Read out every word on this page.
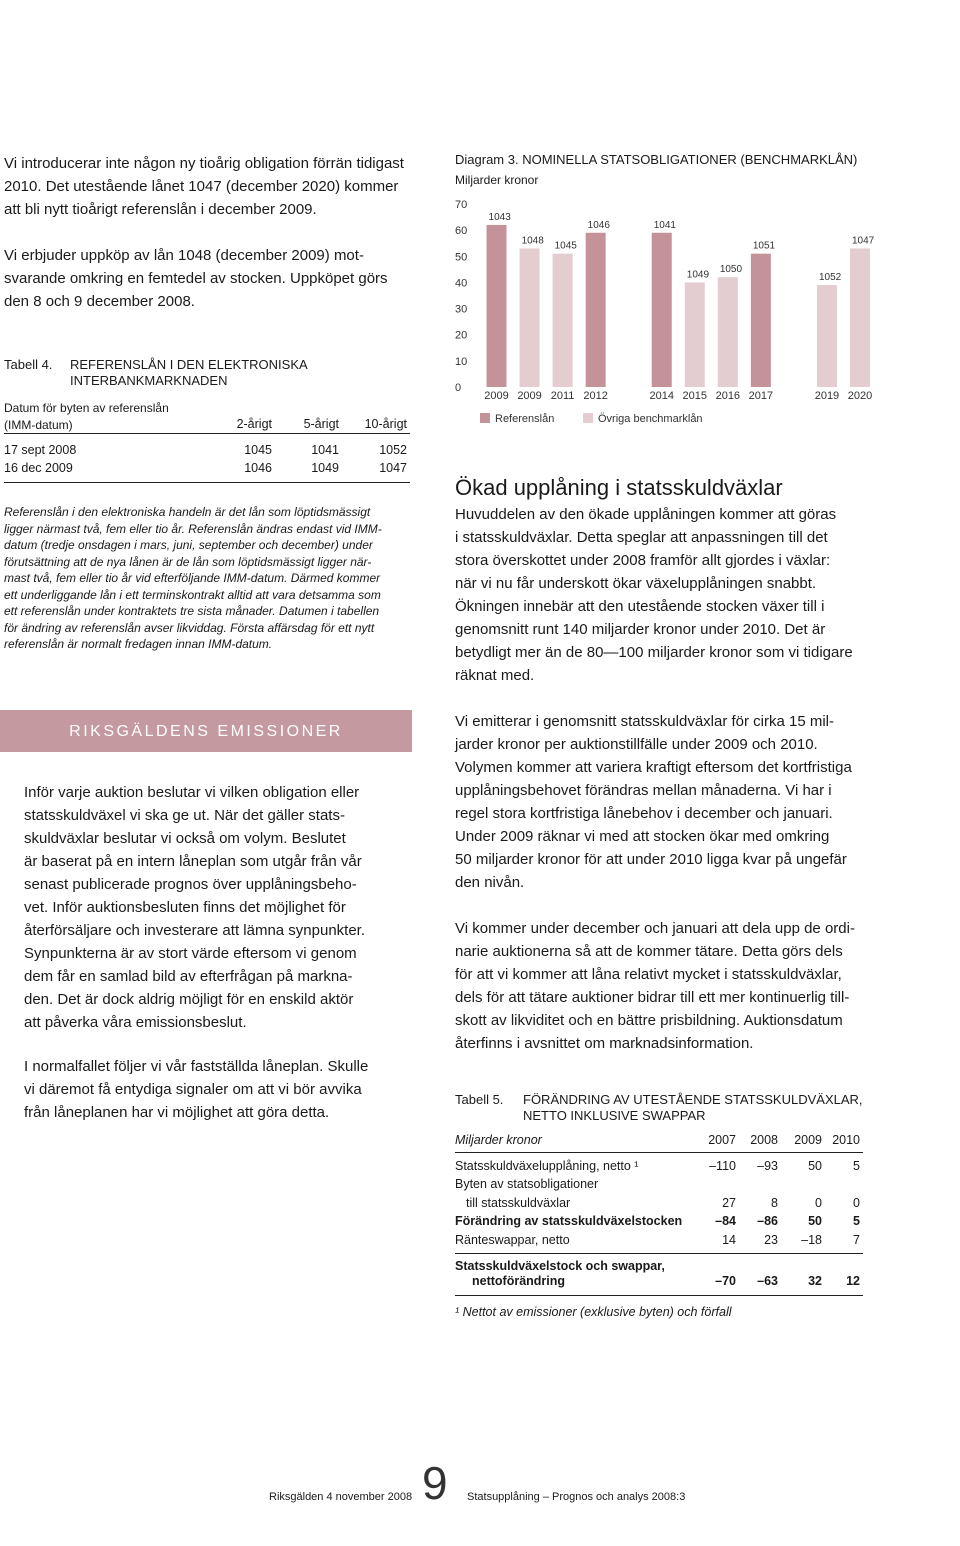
Vi introducerar inte någon ny tioårig obligation förrän tidigast

2010. Det utestående lånet 1047 (december 2020) kommer

att bli nytt tioårigt referenslån i december 2009.

Vi erbjuder uppköp av lån 1048 (december 2009) mot-

svarande omkring en femtedel av stocken. Uppköpet görs

den 8 och 9 december 2008.

Tabell 4. REFERENSLÅN I DEN ELEKTRONISKA
INTERBANKMARKNADEN
Datum för byten av referenslån
(IMM-datum)	2-årigt	5-årigt	10-årigt
17 sept 2008	1045	1041	1052
16 dec 2009	1046	1049	1047
Referenslån i den elektroniska handeln är det lån som löptidsmässigt
ligger närmast två, fem eller tio år. Referenslån ändras endast vid IMM-
datum (tredje onsdagen i mars, juni, september och december) under
förutsättning att de nya lånen är de lån som löptidsmässigt ligger när-
mast två, fem eller tio år vid efterföljande IMM-datum. Därmed kommer
ett underliggande lån i ett terminskontrakt alltid att vara detsamma som
ett referenslån under kontraktets tre sista månader. Datumen i tabellen
för ändring av referenslån avser likviddag. Första affärsdag för ett nytt
referenslån är normalt fredagen innan IMM-datum.
RIKSGÄLDENS EMISSIONER

Inför varje auktion beslutar vi vilken obligation eller

statsskuldväxel vi ska ge ut. När det gäller stats-

skuldväxlar beslutar vi också om volym. Beslutet

är baserat på en intern låneplan som utgår från vår

senast publicerade prognos över upplåningsbeho-

vet. Inför auktionsbesluten finns det möjlighet för

återförsäljare och investerare att lämna synpunkter.

Synpunkterna är av stort värde eftersom vi genom

dem får en samlad bild av efterfrågan på markna-

den. Det är dock aldrig möjligt för en enskild aktör

att påverka våra emissionsbeslut.

I normalfallet följer vi vår fastställda låneplan. Skulle

vi däremot få entydiga signaler om att vi bör avvika

från låneplanen har vi möjlighet att göra detta.

Diagram 3. NOMINELLA STATSOBLIGATIONER (BENCHMARKLÅN)
Miljarder kronor
0
10
20
30
40
50
60
70
1043
2009
1048
2009
1045
2011
1046
2012
1041
2014
1049
2015
1050
2016
1051
2017
1052
2019
1047
2020
Referenslån	Övriga benchmarklån
Ökad upplåning i statsskuldväxlar

Huvuddelen av den ökade upplåningen kommer att göras

i statsskuldväxlar. Detta speglar att anpassningen till det

stora överskottet under 2008 framför allt gjordes i växlar:

när vi nu får underskott ökar växelupplåningen snabbt.

Ökningen innebär att den utestående stocken växer till i

genomsnitt runt 140 miljarder kronor under 2010. Det är

betydligt mer än de 80—100 miljarder kronor som vi tidigare

räknat med.

Vi emitterar i genomsnitt statsskuldväxlar för cirka 15 mil-

jarder kronor per auktionstillfälle under 2009 och 2010.

Volymen kommer att variera kraftigt eftersom det kortfristiga

upplåningsbehovet förändras mellan månaderna. Vi har i

regel stora kortfristiga lånebehov i december och januari.

Under 2009 räknar vi med att stocken ökar med omkring

50 miljarder kronor för att under 2010 ligga kvar på ungefär

den nivån.

Vi kommer under december och januari att dela upp de ordi-

narie auktionerna så att de kommer tätare. Detta görs dels

för att vi kommer att låna relativt mycket i statsskuldväxlar,

dels för att tätare auktioner bidrar till ett mer kontinuerlig till-

skott av likviditet och en bättre prisbildning. Auktionsdatum

återfinns i avsnittet om marknadsinformation.

Tabell 5. FÖRÄNDRING AV UTESTÅENDE STATSSKULDVÄXLAR,
NETTO INKLUSIVE SWAPPAR
Miljarder kronor	2007	2008	2009 2010
Statsskuldväxelupplåning, netto ¹	–110	–93	50	5
Byten av statsobligationer
till statsskuldväxlar	27	8	0	0
Förändring av statsskuldväxelstocken	–84	–86	50	5
Ränteswappar, netto	14	23	–18	7
Statsskuldväxelstock och swappar,
nettoförändring	–70	–63	32	12
¹ Nettot av emissioner (exklusive byten) och förfall
Riksgälden 4 november 2008 9 Statsupplåning – Prognos och analys 2008:3
